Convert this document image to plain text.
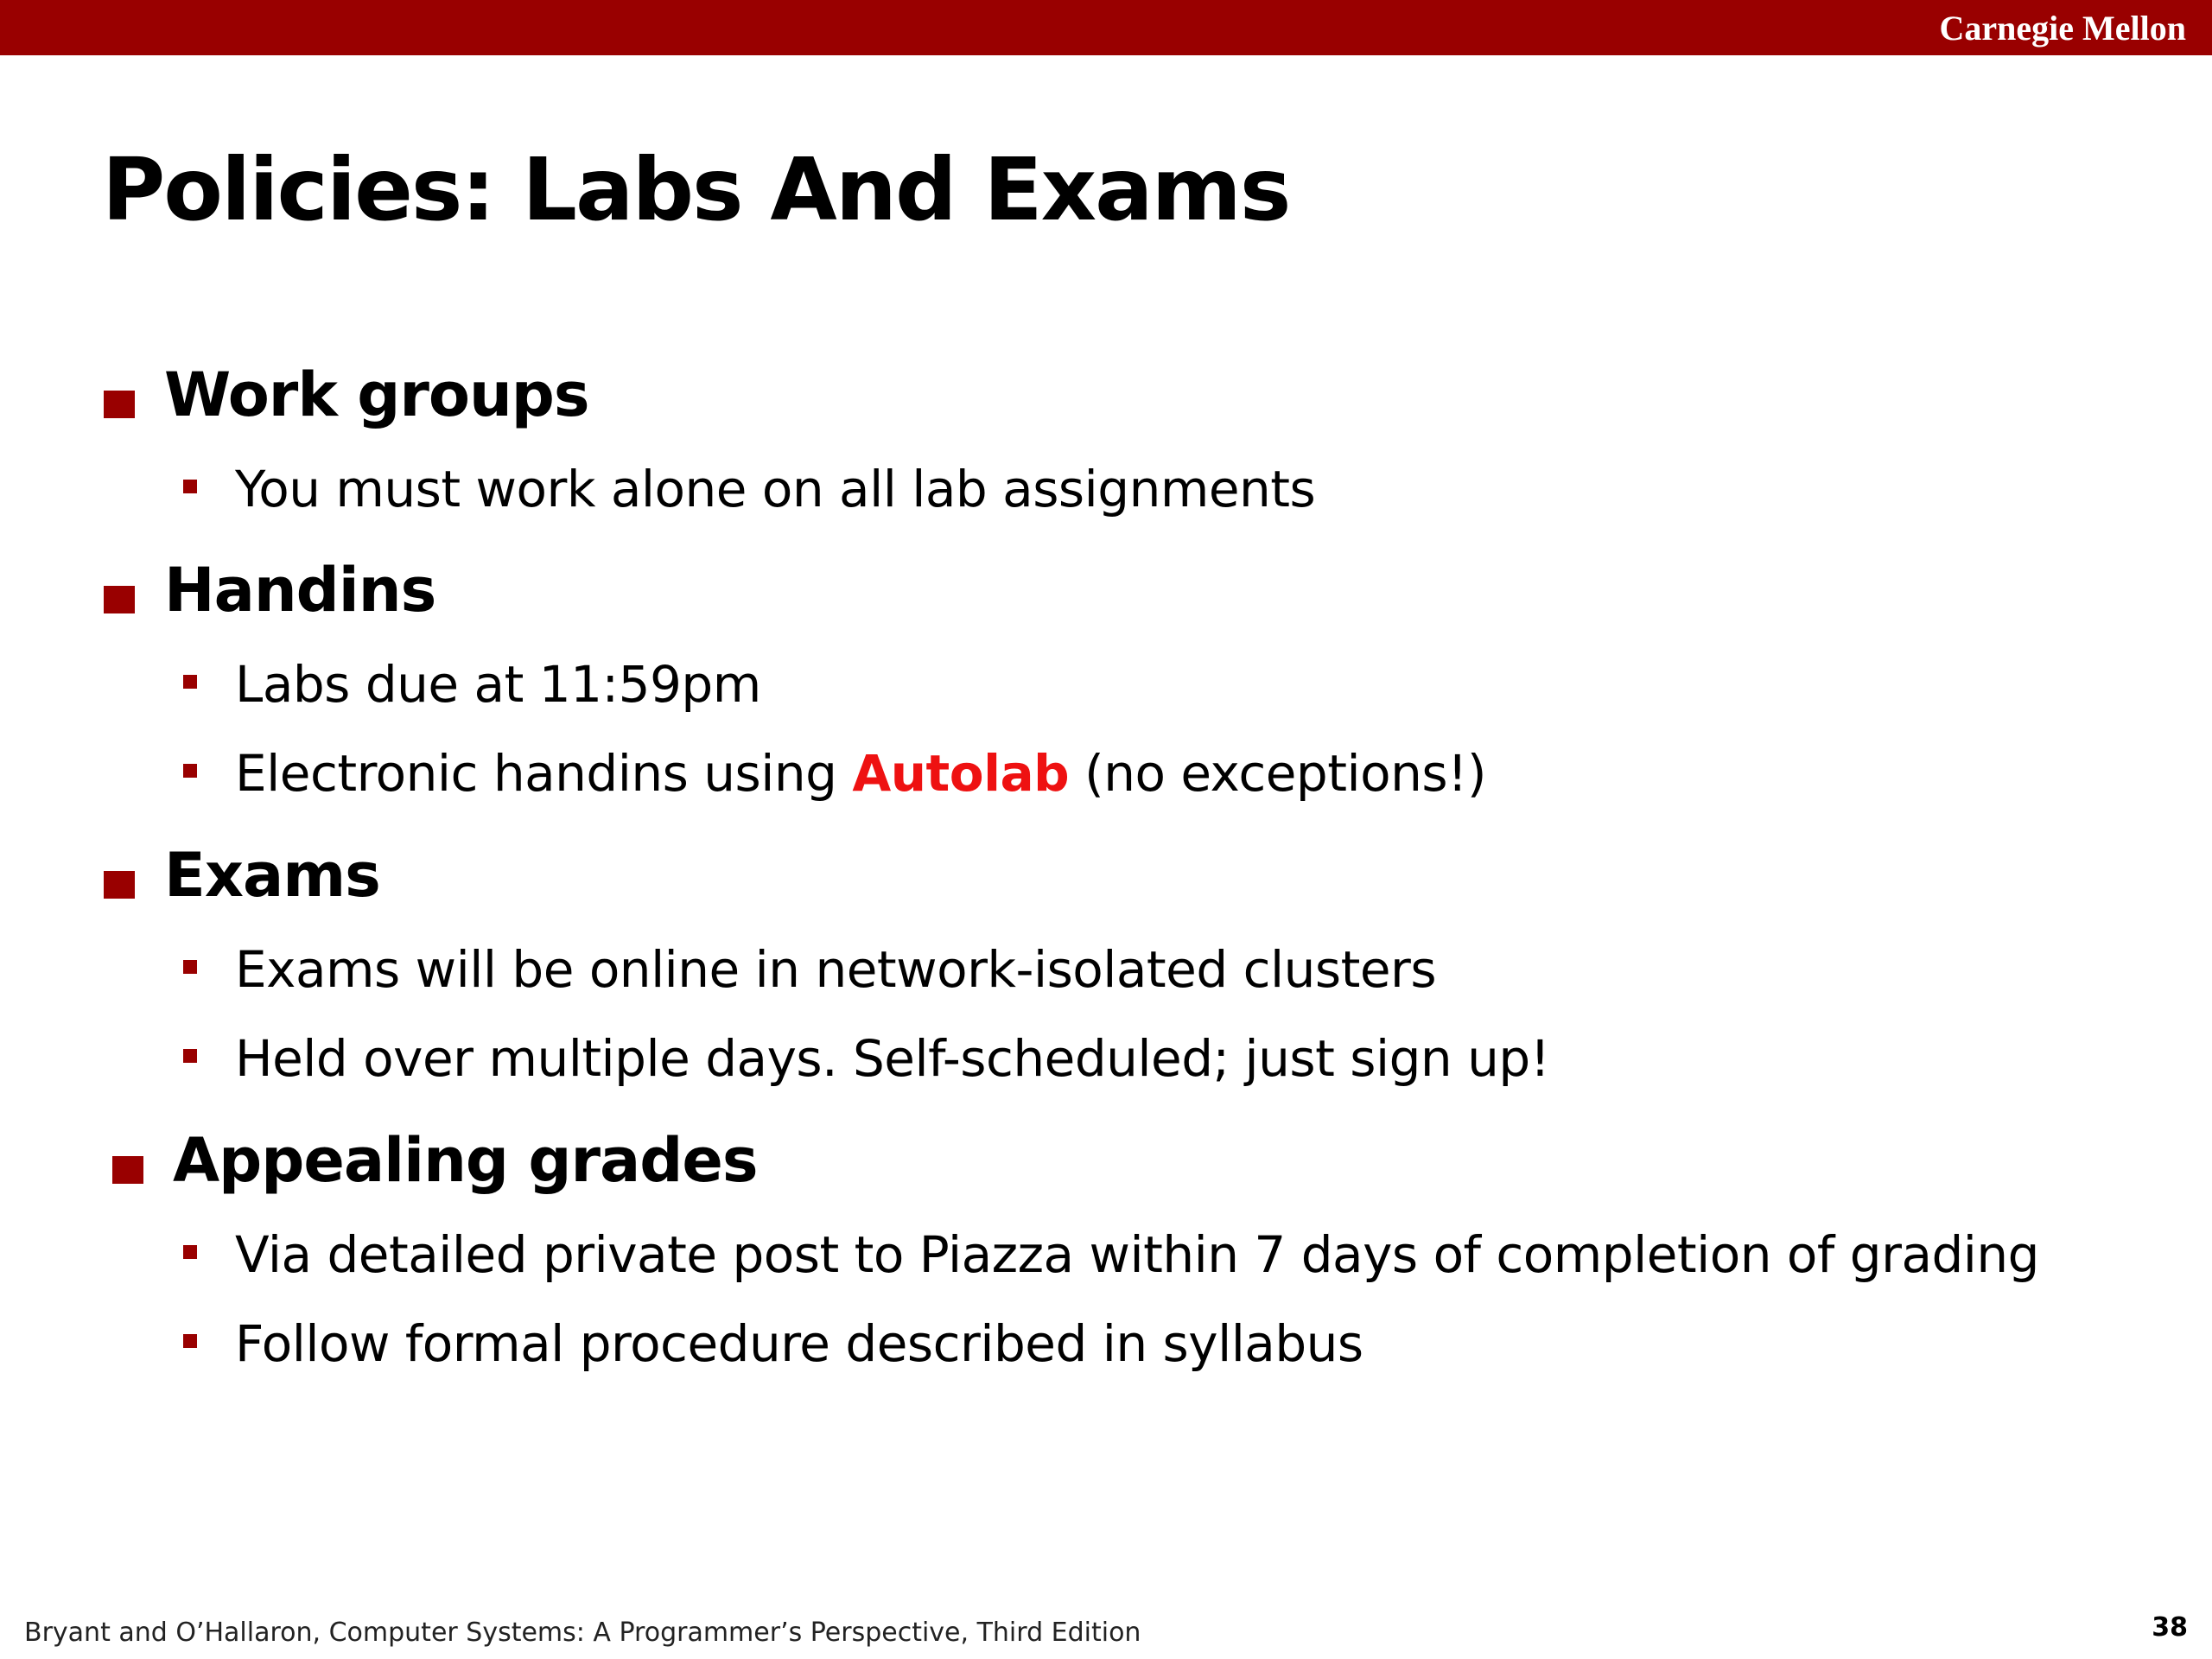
Carnegie Mellon
Policies: Labs And Exams
Work groups
You must work alone on all lab assignments
Handins
Labs due at 11:59pm
Electronic handins using Autolab (no exceptions!)
Exams
Exams will be online in network-isolated clusters
Held over multiple days. Self-scheduled; just sign up!
Appealing grades
Via detailed private post to Piazza within 7 days of completion of grading
Follow formal procedure described in syllabus
Bryant and O’Hallaron, Computer Systems: A Programmer’s Perspective, Third Edition	38
